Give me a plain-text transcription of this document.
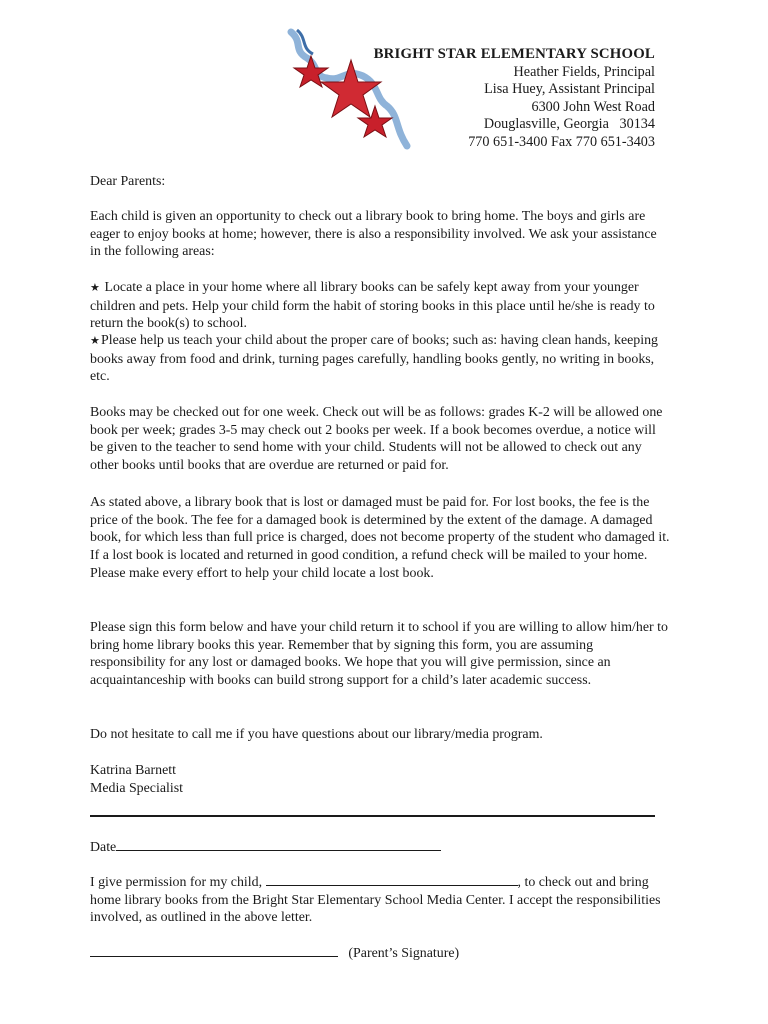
BRIGHT STAR ELEMENTARY SCHOOL
Heather Fields, Principal
Lisa Huey, Assistant Principal
6300 John West Road
Douglasville, Georgia   30134
770 651-3400 Fax 770 651-3403

Dear Parents:

Each child is given an opportunity to check out a library book to bring home. The boys and girls are eager to enjoy books at home; however, there is also a responsibility involved. We ask your assistance in the following areas:

★ Locate a place in your home where all library books can be safely kept away from your younger children and pets. Help your child form the habit of storing books in this place until he/she is ready to return the book(s) to school.

★Please help us teach your child about the proper care of books; such as: having clean hands, keeping books away from food and drink, turning pages carefully, handling books gently, no writing in books, etc.

Books may be checked out for one week. Check out will be as follows: grades K-2 will be allowed one book per week; grades 3-5 may check out 2 books per week. If a book becomes overdue, a notice will be given to the teacher to send home with your child. Students will not be allowed to check out any other books until books that are overdue are returned or paid for.

As stated above, a library book that is lost or damaged must be paid for. For lost books, the fee is the price of the book. The fee for a damaged book is determined by the extent of the damage. A damaged book, for which less than full price is charged, does not become property of the student who damaged it. If a lost book is located and returned in good condition, a refund check will be mailed to your home. Please make every effort to help your child locate a lost book.

Please sign this form below and have your child return it to school if you are willing to allow him/her to bring home library books this year. Remember that by signing this form, you are assuming responsibility for any lost or damaged books. We hope that you will give permission, since an acquaintanceship with books can build strong support for a child’s later academic success.

Do not hesitate to call me if you have questions about our library/media program.

Katrina Barnett

Media Specialist

Date

I give permission for my child,	, to check out and bring home library books from the Bright Star Elementary School Media Center. I accept the responsibilities involved, as outlined in the above letter.

(Parent’s Signature)
